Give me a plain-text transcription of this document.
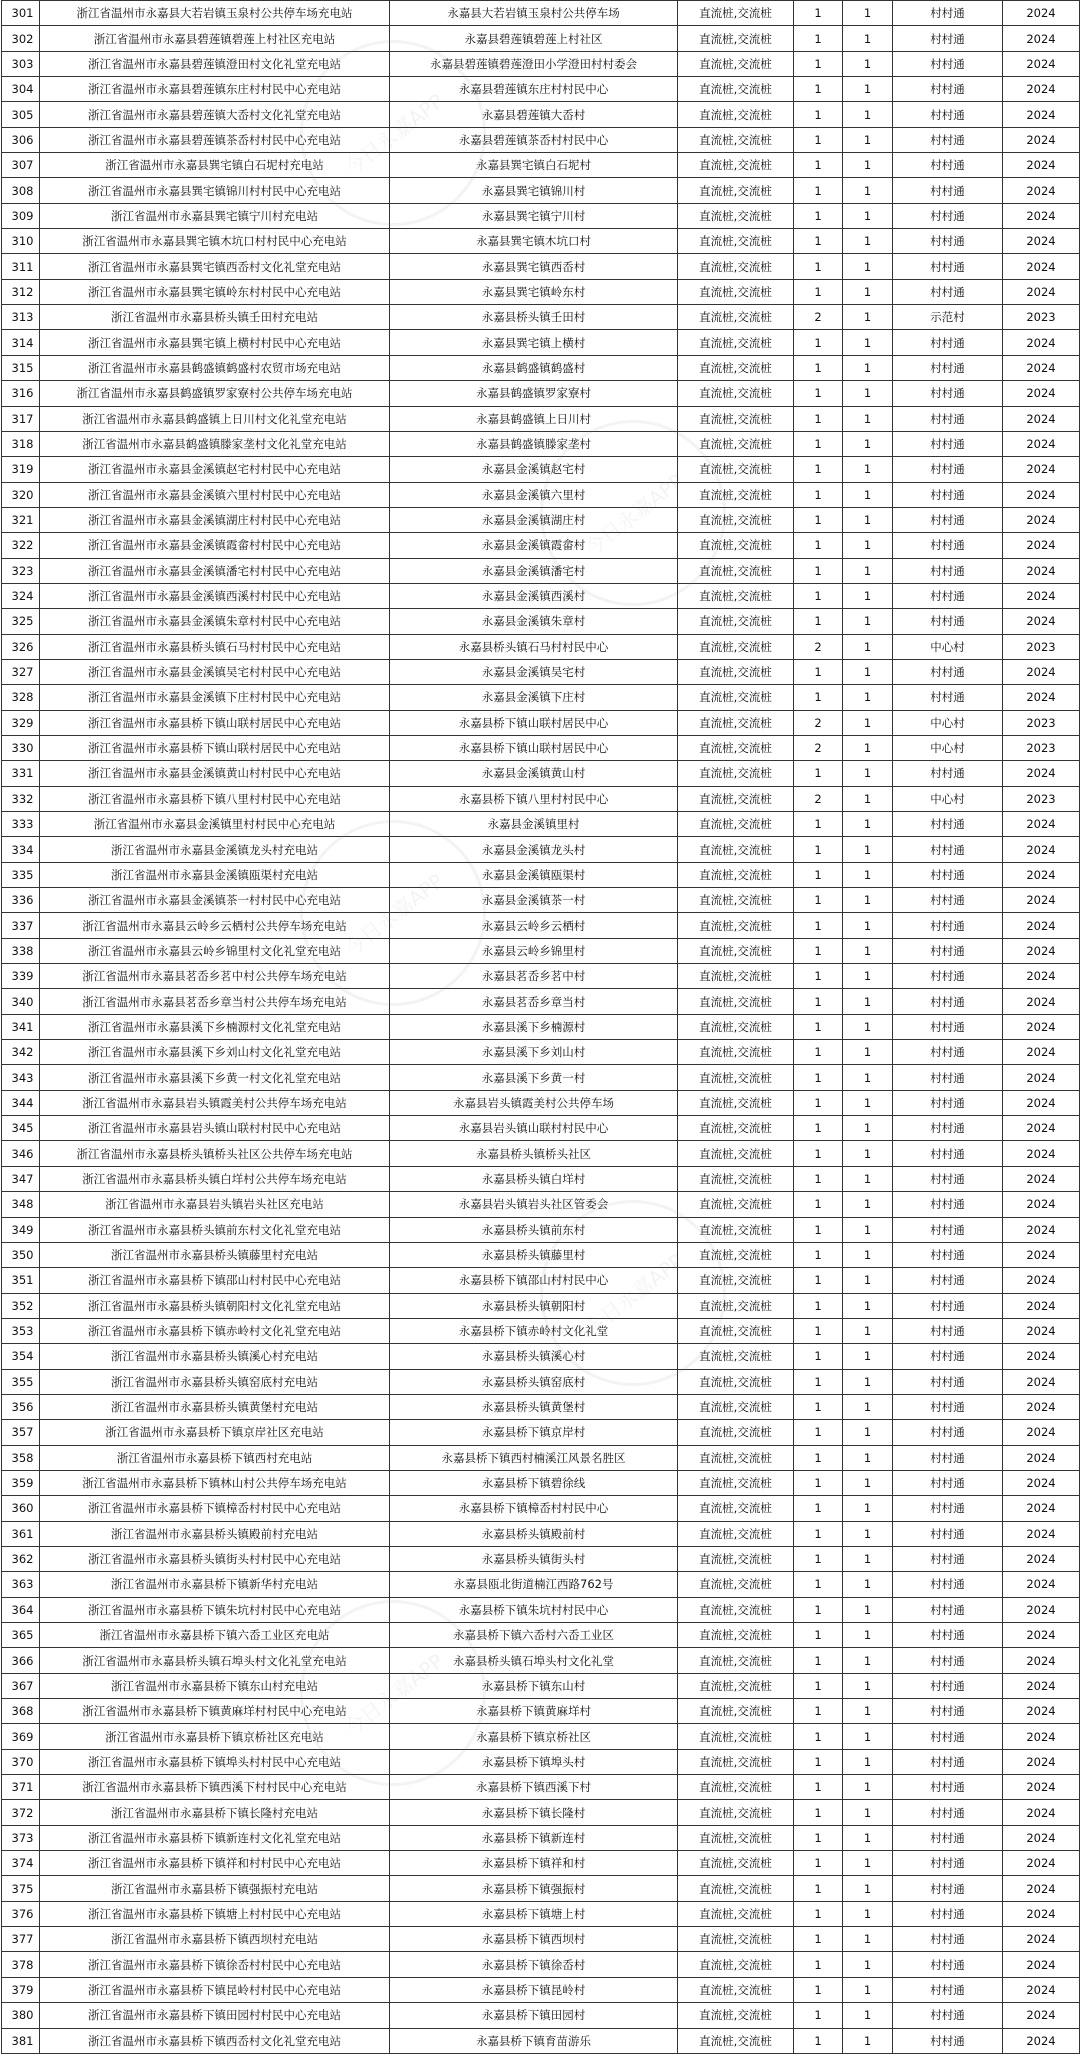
301	浙江省温州市永嘉县大若岩镇玉泉村公共停车场充电站	永嘉县大若岩镇玉泉村公共停车场	直流桩,交流桩	1	1	村村通	2024
302	浙江省温州市永嘉县碧莲镇碧莲上村社区充电站	永嘉县碧莲镇碧莲上村社区	直流桩,交流桩	1	1	村村通	2024
303	浙江省温州市永嘉县碧莲镇澄田村文化礼堂充电站	永嘉县碧莲镇碧莲澄田小学澄田村村委会	直流桩,交流桩	1	1	村村通	2024
304	浙江省温州市永嘉县碧莲镇东庄村村民中心充电站	永嘉县碧莲镇东庄村村民中心	直流桩,交流桩	1	1	村村通	2024
305	浙江省温州市永嘉县碧莲镇大岙村文化礼堂充电站	永嘉县碧莲镇大岙村	直流桩,交流桩	1	1	村村通	2024
306	浙江省温州市永嘉县碧莲镇茶岙村村民中心充电站	永嘉县碧莲镇茶岙村村民中心	直流桩,交流桩	1	1	村村通	2024
307	浙江省温州市永嘉县巽宅镇白石坭村充电站	永嘉县巽宅镇白石坭村	直流桩,交流桩	1	1	村村通	2024
308	浙江省温州市永嘉县巽宅镇锦川村村民中心充电站	永嘉县巽宅镇锦川村	直流桩,交流桩	1	1	村村通	2024
309	浙江省温州市永嘉县巽宅镇宁川村充电站	永嘉县巽宅镇宁川村	直流桩,交流桩	1	1	村村通	2024
310	浙江省温州市永嘉县巽宅镇木坑口村村民中心充电站	永嘉县巽宅镇木坑口村	直流桩,交流桩	1	1	村村通	2024
311	浙江省温州市永嘉县巽宅镇西岙村文化礼堂充电站	永嘉县巽宅镇西岙村	直流桩,交流桩	1	1	村村通	2024
312	浙江省温州市永嘉县巽宅镇岭东村村民中心充电站	永嘉县巽宅镇岭东村	直流桩,交流桩	1	1	村村通	2024
313	浙江省温州市永嘉县桥头镇壬田村充电站	永嘉县桥头镇壬田村	直流桩,交流桩	2	1	示范村	2023
314	浙江省温州市永嘉县巽宅镇上横村村民中心充电站	永嘉县巽宅镇上横村	直流桩,交流桩	1	1	村村通	2024
315	浙江省温州市永嘉县鹤盛镇鹤盛村农贸市场充电站	永嘉县鹤盛镇鹤盛村	直流桩,交流桩	1	1	村村通	2024
316	浙江省温州市永嘉县鹤盛镇罗家寮村公共停车场充电站	永嘉县鹤盛镇罗家寮村	直流桩,交流桩	1	1	村村通	2024
317	浙江省温州市永嘉县鹤盛镇上日川村文化礼堂充电站	永嘉县鹤盛镇上日川村	直流桩,交流桩	1	1	村村通	2024
318	浙江省温州市永嘉县鹤盛镇滕家垄村文化礼堂充电站	永嘉县鹤盛镇滕家垄村	直流桩,交流桩	1	1	村村通	2024
319	浙江省温州市永嘉县金溪镇赵宅村村民中心充电站	永嘉县金溪镇赵宅村	直流桩,交流桩	1	1	村村通	2024
320	浙江省温州市永嘉县金溪镇六里村村民中心充电站	永嘉县金溪镇六里村	直流桩,交流桩	1	1	村村通	2024
321	浙江省温州市永嘉县金溪镇湖庄村村民中心充电站	永嘉县金溪镇湖庄村	直流桩,交流桩	1	1	村村通	2024
322	浙江省温州市永嘉县金溪镇霞畲村村民中心充电站	永嘉县金溪镇霞畲村	直流桩,交流桩	1	1	村村通	2024
323	浙江省温州市永嘉县金溪镇潘宅村村民中心充电站	永嘉县金溪镇潘宅村	直流桩,交流桩	1	1	村村通	2024
324	浙江省温州市永嘉县金溪镇西溪村村民中心充电站	永嘉县金溪镇西溪村	直流桩,交流桩	1	1	村村通	2024
325	浙江省温州市永嘉县金溪镇朱章村村民中心充电站	永嘉县金溪镇朱章村	直流桩,交流桩	1	1	村村通	2024
326	浙江省温州市永嘉县桥头镇石马村村民中心充电站	永嘉县桥头镇石马村村民中心	直流桩,交流桩	2	1	中心村	2023
327	浙江省温州市永嘉县金溪镇吴宅村村民中心充电站	永嘉县金溪镇吴宅村	直流桩,交流桩	1	1	村村通	2024
328	浙江省温州市永嘉县金溪镇下庄村村民中心充电站	永嘉县金溪镇下庄村	直流桩,交流桩	1	1	村村通	2024
329	浙江省温州市永嘉县桥下镇山联村居民中心充电站	永嘉县桥下镇山联村居民中心	直流桩,交流桩	2	1	中心村	2023
330	浙江省温州市永嘉县桥下镇山联村居民中心充电站	永嘉县桥下镇山联村居民中心	直流桩,交流桩	2	1	中心村	2023
331	浙江省温州市永嘉县金溪镇黄山村村民中心充电站	永嘉县金溪镇黄山村	直流桩,交流桩	1	1	村村通	2024
332	浙江省温州市永嘉县桥下镇八里村村民中心充电站	永嘉县桥下镇八里村村民中心	直流桩,交流桩	2	1	中心村	2023
333	浙江省温州市永嘉县金溪镇里村村民中心充电站	永嘉县金溪镇里村	直流桩,交流桩	1	1	村村通	2024
334	浙江省温州市永嘉县金溪镇龙头村充电站	永嘉县金溪镇龙头村	直流桩,交流桩	1	1	村村通	2024
335	浙江省温州市永嘉县金溪镇瓯渠村充电站	永嘉县金溪镇瓯渠村	直流桩,交流桩	1	1	村村通	2024
336	浙江省温州市永嘉县金溪镇茶一村村民中心充电站	永嘉县金溪镇茶一村	直流桩,交流桩	1	1	村村通	2024
337	浙江省温州市永嘉县云岭乡云栖村公共停车场充电站	永嘉县云岭乡云栖村	直流桩,交流桩	1	1	村村通	2024
338	浙江省温州市永嘉县云岭乡锦里村文化礼堂充电站	永嘉县云岭乡锦里村	直流桩,交流桩	1	1	村村通	2024
339	浙江省温州市永嘉县茗岙乡茗中村公共停车场充电站	永嘉县茗岙乡茗中村	直流桩,交流桩	1	1	村村通	2024
340	浙江省温州市永嘉县茗岙乡章当村公共停车场充电站	永嘉县茗岙乡章当村	直流桩,交流桩	1	1	村村通	2024
341	浙江省温州市永嘉县溪下乡楠源村文化礼堂充电站	永嘉县溪下乡楠源村	直流桩,交流桩	1	1	村村通	2024
342	浙江省温州市永嘉县溪下乡刘山村文化礼堂充电站	永嘉县溪下乡刘山村	直流桩,交流桩	1	1	村村通	2024
343	浙江省温州市永嘉县溪下乡黄一村文化礼堂充电站	永嘉县溪下乡黄一村	直流桩,交流桩	1	1	村村通	2024
344	浙江省温州市永嘉县岩头镇霞美村公共停车场充电站	永嘉县岩头镇霞美村公共停车场	直流桩,交流桩	1	1	村村通	2024
345	浙江省温州市永嘉县岩头镇山联村村民中心充电站	永嘉县岩头镇山联村村民中心	直流桩,交流桩	1	1	村村通	2024
346	浙江省温州市永嘉县桥头镇桥头社区公共停车场充电站	永嘉县桥头镇桥头社区	直流桩,交流桩	1	1	村村通	2024
347	浙江省温州市永嘉县桥头镇白垟村公共停车场充电站	永嘉县桥头镇白垟村	直流桩,交流桩	1	1	村村通	2024
348	浙江省温州市永嘉县岩头镇岩头社区充电站	永嘉县岩头镇岩头社区管委会	直流桩,交流桩	1	1	村村通	2024
349	浙江省温州市永嘉县桥头镇前东村文化礼堂充电站	永嘉县桥头镇前东村	直流桩,交流桩	1	1	村村通	2024
350	浙江省温州市永嘉县桥头镇藤里村充电站	永嘉县桥头镇藤里村	直流桩,交流桩	1	1	村村通	2024
351	浙江省温州市永嘉县桥下镇邵山村村民中心充电站	永嘉县桥下镇邵山村村民中心	直流桩,交流桩	1	1	村村通	2024
352	浙江省温州市永嘉县桥头镇朝阳村文化礼堂充电站	永嘉县桥头镇朝阳村	直流桩,交流桩	1	1	村村通	2024
353	浙江省温州市永嘉县桥下镇赤岭村文化礼堂充电站	永嘉县桥下镇赤岭村文化礼堂	直流桩,交流桩	1	1	村村通	2024
354	浙江省温州市永嘉县桥头镇溪心村充电站	永嘉县桥头镇溪心村	直流桩,交流桩	1	1	村村通	2024
355	浙江省温州市永嘉县桥头镇窑底村充电站	永嘉县桥头镇窑底村	直流桩,交流桩	1	1	村村通	2024
356	浙江省温州市永嘉县桥头镇黄堡村充电站	永嘉县桥头镇黄堡村	直流桩,交流桩	1	1	村村通	2024
357	浙江省温州市永嘉县桥下镇京岸社区充电站	永嘉县桥下镇京岸村	直流桩,交流桩	1	1	村村通	2024
358	浙江省温州市永嘉县桥下镇西村充电站	永嘉县桥下镇西村楠溪江风景名胜区	直流桩,交流桩	1	1	村村通	2024
359	浙江省温州市永嘉县桥下镇林山村公共停车场充电站	永嘉县桥下镇碧徐线	直流桩,交流桩	1	1	村村通	2024
360	浙江省温州市永嘉县桥下镇樟岙村村民中心充电站	永嘉县桥下镇樟岙村村民中心	直流桩,交流桩	1	1	村村通	2024
361	浙江省温州市永嘉县桥头镇殿前村充电站	永嘉县桥头镇殿前村	直流桩,交流桩	1	1	村村通	2024
362	浙江省温州市永嘉县桥头镇街头村村民中心充电站	永嘉县桥头镇街头村	直流桩,交流桩	1	1	村村通	2024
363	浙江省温州市永嘉县桥下镇新华村充电站	永嘉县瓯北街道楠江西路762号	直流桩,交流桩	1	1	村村通	2024
364	浙江省温州市永嘉县桥下镇朱坑村村民中心充电站	永嘉县桥下镇朱坑村村民中心	直流桩,交流桩	1	1	村村通	2024
365	浙江省温州市永嘉县桥下镇六岙工业区充电站	永嘉县桥下镇六岙村六岙工业区	直流桩,交流桩	1	1	村村通	2024
366	浙江省温州市永嘉县桥头镇石埠头村文化礼堂充电站	永嘉县桥头镇石埠头村文化礼堂	直流桩,交流桩	1	1	村村通	2024
367	浙江省温州市永嘉县桥下镇东山村充电站	永嘉县桥下镇东山村	直流桩,交流桩	1	1	村村通	2024
368	浙江省温州市永嘉县桥下镇黄麻垟村村民中心充电站	永嘉县桥下镇黄麻垟村	直流桩,交流桩	1	1	村村通	2024
369	浙江省温州市永嘉县桥下镇京桥社区充电站	永嘉县桥下镇京桥社区	直流桩,交流桩	1	1	村村通	2024
370	浙江省温州市永嘉县桥下镇埠头村村民中心充电站	永嘉县桥下镇埠头村	直流桩,交流桩	1	1	村村通	2024
371	浙江省温州市永嘉县桥下镇西溪下村村民中心充电站	永嘉县桥下镇西溪下村	直流桩,交流桩	1	1	村村通	2024
372	浙江省温州市永嘉县桥下镇长隆村充电站	永嘉县桥下镇长隆村	直流桩,交流桩	1	1	村村通	2024
373	浙江省温州市永嘉县桥下镇新连村文化礼堂充电站	永嘉县桥下镇新连村	直流桩,交流桩	1	1	村村通	2024
374	浙江省温州市永嘉县桥下镇祥和村村民中心充电站	永嘉县桥下镇祥和村	直流桩,交流桩	1	1	村村通	2024
375	浙江省温州市永嘉县桥下镇强振村充电站	永嘉县桥下镇强振村	直流桩,交流桩	1	1	村村通	2024
376	浙江省温州市永嘉县桥下镇塘上村村民中心充电站	永嘉县桥下镇塘上村	直流桩,交流桩	1	1	村村通	2024
377	浙江省温州市永嘉县桥下镇西坝村充电站	永嘉县桥下镇西坝村	直流桩,交流桩	1	1	村村通	2024
378	浙江省温州市永嘉县桥下镇徐岙村村民中心充电站	永嘉县桥下镇徐岙村	直流桩,交流桩	1	1	村村通	2024
379	浙江省温州市永嘉县桥下镇昆岭村村民中心充电站	永嘉县桥下镇昆岭村	直流桩,交流桩	1	1	村村通	2024
380	浙江省温州市永嘉县桥下镇田园村村民中心充电站	永嘉县桥下镇田园村	直流桩,交流桩	1	1	村村通	2024
381	浙江省温州市永嘉县桥下镇西岙村文化礼堂充电站	永嘉县桥下镇育苗游乐	直流桩,交流桩	1	1	村村通	2024
今日永嘉APP
今日永嘉APP
今日永嘉APP
今日永嘉APP
今日永嘉APP
